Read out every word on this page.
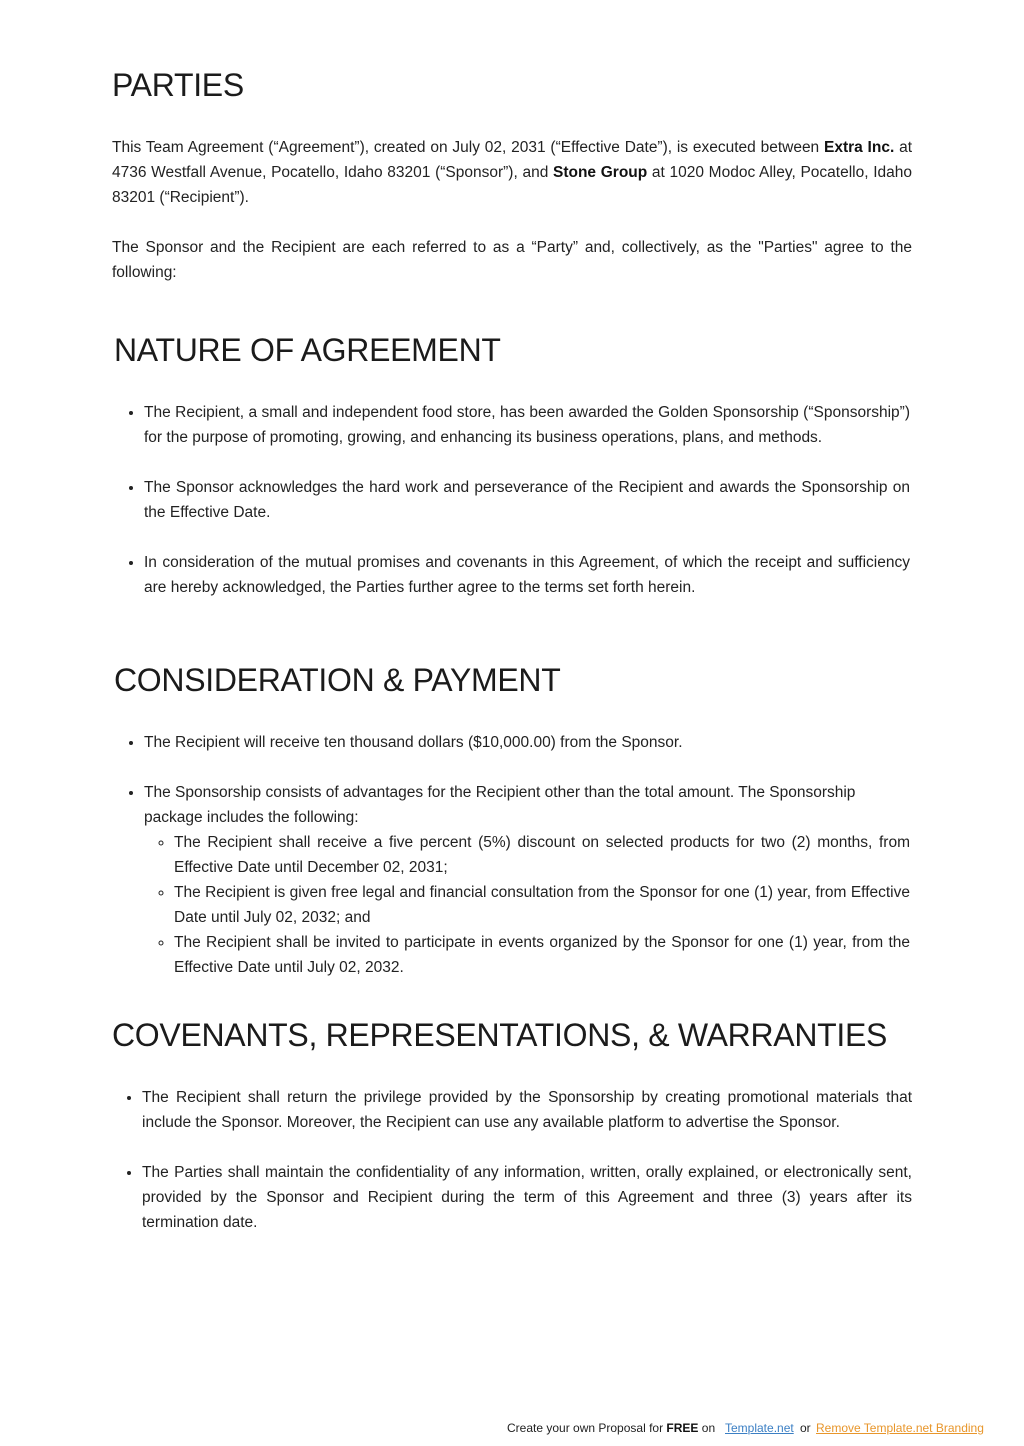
PARTIES

This Team Agreement (“Agreement”), created on July 02, 2031 (“Effective Date”), is executed between Extra Inc. at 4736 Westfall Avenue, Pocatello, Idaho 83201 (“Sponsor”), and Stone Group at 1020 Modoc Alley, Pocatello, Idaho 83201 (“Recipient”).

The Sponsor and the Recipient are each referred to as a “Party” and, collectively, as the "Parties" agree to the following:

NATURE OF AGREEMENT
• The Recipient, a small and independent food store, has been awarded the Golden Sponsorship (“Sponsorship”) for the purpose of promoting, growing, and enhancing its business operations, plans, and methods.
• The Sponsor acknowledges the hard work and perseverance of the Recipient and awards the Sponsorship on the Effective Date.
• In consideration of the mutual promises and covenants in this Agreement, of which the receipt and sufficiency are hereby acknowledged, the Parties further agree to the terms set forth herein.
CONSIDERATION & PAYMENT
• The Recipient will receive ten thousand dollars ($10,000.00) from the Sponsor.
• The Sponsorship consists of advantages for the Recipient other than the total amount. The Sponsorship package includes the following:
◦ The Recipient shall receive a five percent (5%) discount on selected products for two (2) months, from Effective Date until December 02, 2031;
◦ The Recipient is given free legal and financial consultation from the Sponsor for one (1) year, from Effective Date until July 02, 2032; and
◦ The Recipient shall be invited to participate in events organized by the Sponsor for one (1) year, from the Effective Date until July 02, 2032.
COVENANTS, REPRESENTATIONS, & WARRANTIES
• The Recipient shall return the privilege provided by the Sponsorship by creating promotional materials that include the Sponsor. Moreover, the Recipient can use any available platform to advertise the Sponsor.
• The Parties shall maintain the confidentiality of any information, written, orally explained, or electronically sent, provided by the Sponsor and Recipient during the term of this Agreement and three (3) years after its termination date.
Create your own Proposal for FREE on Template.net or Remove Template.net Branding
